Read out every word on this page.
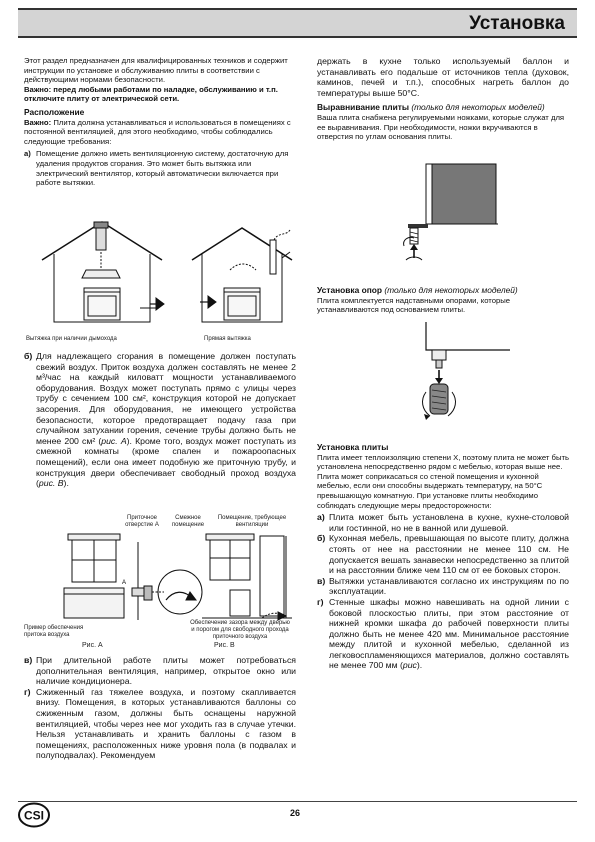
Установка

Этот раздел предназначен для квалифицированных техников и содержит инструкции по установке и обслуживанию плиты в соответствии с действующими нормами безопасности.

Важно: перед любыми работами по наладке, обслуживанию и т.п. отключите плиту от электрической сети.

Расположение

Важно: Плита должна устанавливаться и использоваться в помещениях с постоянной вентиляцией, для этого необходимо, чтобы соблюдались следующие требования:

а) Помещение должно иметь вентиляционную систему, достаточную для удаления продуктов сгорания. Это может быть вытяжка или электрический вентилятор, который автоматически включается при работе вытяжки.
Вытяжка при наличии дымохода	Прямая вытяжка
б) Для надлежащего сгорания в помещение должен поступать свежий воздух. Приток воздуха должен составлять не менее 2 м³/час на каждый киловатт мощности устанавливаемого оборудования. Воздух может поступать прямо с улицы через трубу с сечением 100 см², конструкция которой не допускает засорения. Для оборудования, не имеющего устройства безопасности, которое предотвращает подачу газа при случайном затухании горения, сечение трубы должно быть не менее 200 см² (рис. А). Кроме того, воздух может поступать из смежной комнаты (кроме спален и пожароопасных помещений), если она имеет подобную же приточную трубу, и конструкция двери обеспечивает свободный проход воздуха (рис. В).
Приточное отверстие А
Смежное помещение
Помещение, требующее вентиляции
A
Пример обеспечения притока воздуха
Обеспечение зазора между дверью и порогом для свободного прохода приточного воздуха
Рис. А	Рис. В
в) При длительной работе плиты может потребоваться дополнительная вентиляция, например, открытое окно или наличие кондиционера.
г) Сжиженный газ тяжелее воздуха, и поэтому скапливается внизу. Помещения, в которых устанавливаются баллоны со сжиженным газом, должны быть оснащены наружной вентиляцией, чтобы через нее мог уходить газ в случае утечки. Нельзя устанавливать и хранить баллоны с газом в помещениях, расположенных ниже уровня пола (в подвалах и полуподвалах). Рекомендуем

держать в кухне только используемый баллон и устанавливать его подальше от источников тепла (духовок, каминов, печей и т.п.), способных нагреть баллон до температуры выше 50°С.

Выравнивание плиты (только для некоторых моделей)

Ваша плита снабжена регулируемыми ножками, которые служат для ее выравнивания. При необходимости, ножки вкручиваются в отверстия по углам основания плиты.

Установка опор (только для некоторых моделей)

Плита комплектуется надставными опорами, которые устанавливаются под основанием плиты.

Установка плиты

Плита имеет теплоизоляцию степени X, поэтому плита не может быть установлена непосредственно рядом с мебелью, которая выше нее. Плита может соприкасаться со стеной помещения и кухонной мебелью, если они способны выдержать температуру, на 50°С превышающую комнатную. При установке плиты необходимо соблюдать следующие меры предосторожности:

а) Плита может быть установлена в кухне, кухне-столовой или гостинной, но не в ванной или душевой.
б) Кухонная мебель, превышающая по высоте плиту, должна стоять от нее на расстоянии не менее 110 см. Не допускается вешать занавески непосредственно за плитой и на расстоянии ближе чем 110 см от ее боковых сторон.
в) Вытяжки устанавливаются согласно их инструкциям по по эксплуатации.
г) Стенные шкафы можно навешивать на одной линии с боковой плоскостью плиты, при этом расстояние от нижней кромки шкафа до рабочей поверхности плиты должно быть не менее 420 мм. Минимальное расстояние между плитой и кухонной мебелью, сделанной из легковоспламеняющихся материалов, должно составлять не менее 700 мм (рис).
CSI	26
